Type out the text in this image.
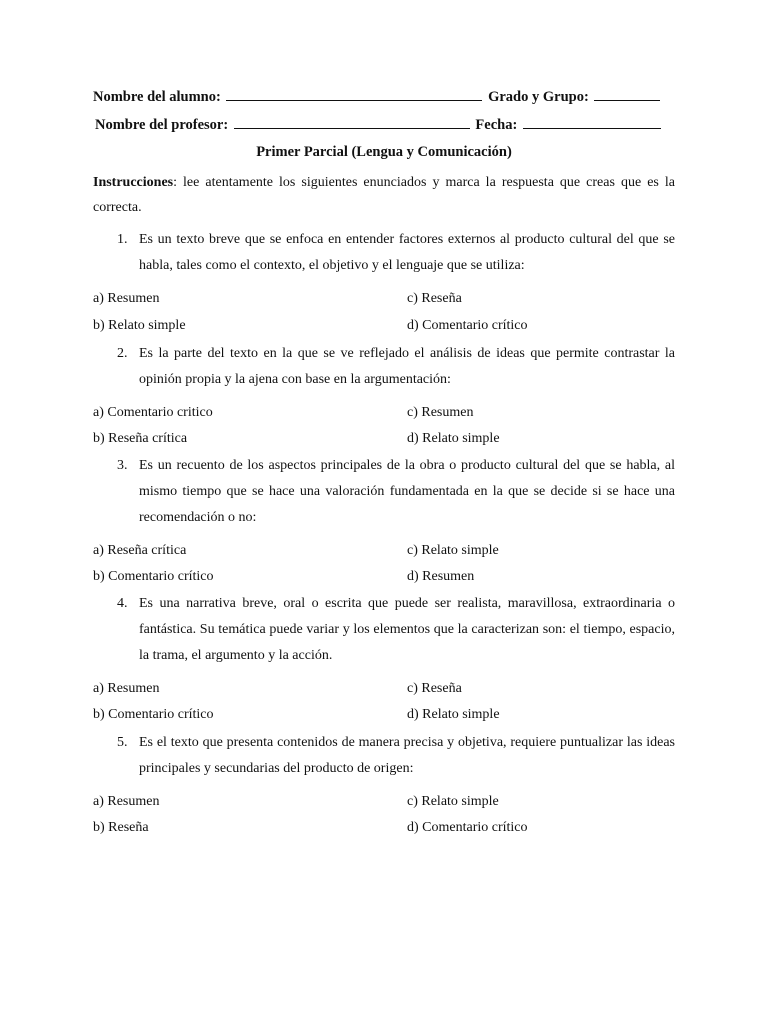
Nombre del alumno:	Grado y Grupo:
Nombre del profesor:	Fecha:
Primer Parcial (Lengua y Comunicación)
Instrucciones: lee atentamente los siguientes enunciados y marca la respuesta que creas que es la correcta.
1. Es un texto breve que se enfoca en entender factores externos al producto cultural del que se habla, tales como el contexto, el objetivo y el lenguaje que se utiliza:
a) Resumen	c) Reseña
b) Relato simple	d) Comentario crítico
2. Es la parte del texto en la que se ve reflejado el análisis de ideas que permite contrastar la opinión propia y la ajena con base en la argumentación:
a) Comentario critico	c) Resumen
b) Reseña crítica	d) Relato simple
3. Es un recuento de los aspectos principales de la obra o producto cultural del que se habla, al mismo tiempo que se hace una valoración fundamentada en la que se decide si se hace una recomendación o no:
a) Reseña crítica	c) Relato simple
b) Comentario crítico	d) Resumen
4. Es una narrativa breve, oral o escrita que puede ser realista, maravillosa, extraordinaria o fantástica. Su temática puede variar y los elementos que la caracterizan son: el tiempo, espacio, la trama, el argumento y la acción.
a) Resumen	c) Reseña
b) Comentario crítico	d) Relato simple
5. Es el texto que presenta contenidos de manera precisa y objetiva, requiere puntualizar las ideas principales y secundarias del producto de origen:
a) Resumen	c) Relato simple
b) Reseña	d) Comentario crítico
